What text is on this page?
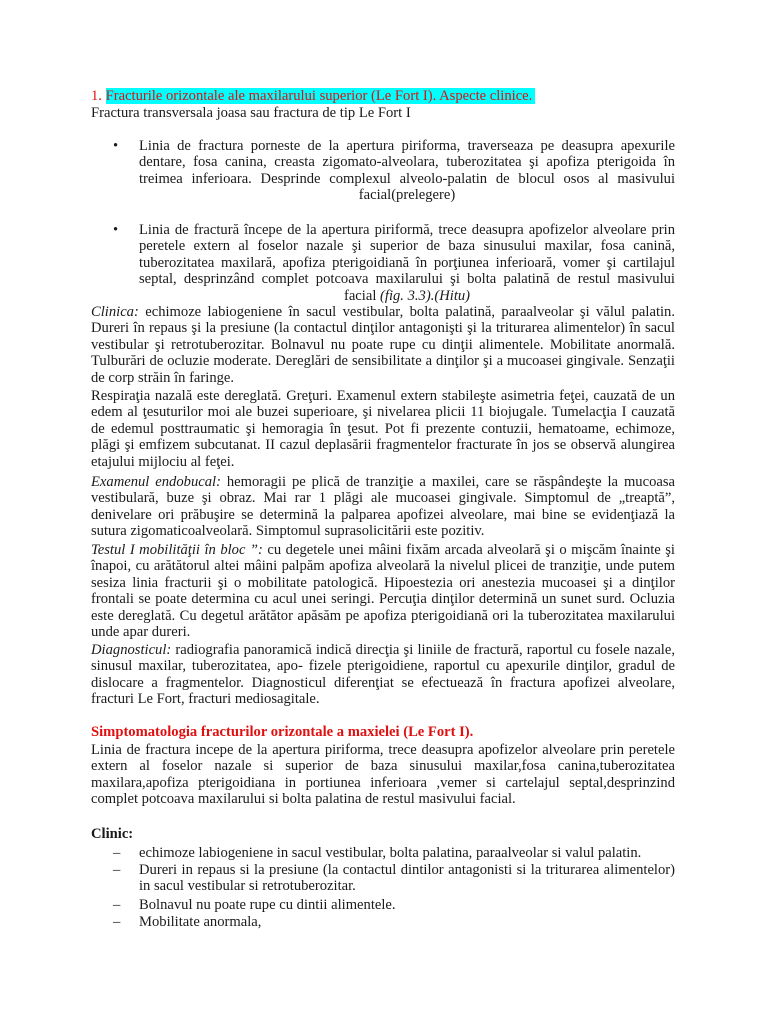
1. Fracturile orizontale ale maxilarului superior (Le Fort I). Aspecte clinice.

Fractura transversala joasa sau fractura de tip Le Fort I

• Linia de fractura porneste de la apertura piriforma, traverseaza pe deasupra apexurile dentare, fosa canina, creasta zigomato-alveolara, tuberozitatea şi apofiza pterigoida în treimea inferioara. Desprinde complexul alveolo-palatin de blocul osos al masivului facial(prelegere)

• Linia de fractură începe de la apertura piriformă, trece deasupra apofizelor alveolare prin peretele extern al foselor nazale şi superior de baza sinusului maxilar, fosa canină, tuberozitatea maxilară, apofiza pterigoidiană în porţiunea inferioară, vomer şi cartilajul septal, desprinzând complet potcoava maxilarului şi bolta palatină de restul masivului facial (fig. 3.3).(Hitu)

Clinica: echimoze labiogeniene în sacul vestibular, bolta palatină, paraalveolar şi vălul palatin. Dureri în repaus şi la presiune (la contactul dinţilor antagonişti şi la triturarea alimentelor) în sacul vestibular şi retrotuberozitar. Bolnavul nu poate rupe cu dinţii alimentele. Mobilitate anormală. Tulburări de ocluzie moderate. Dereglări de sensibilitate a dinţilor şi a mucoasei gingivale. Senzaţii de corp străin în faringe.

Respiraţia nazală este dereglată. Greţuri. Examenul extern stabileşte asimetria feţei, cauzată de un edem al ţesuturilor moi ale buzei superioare, şi nivelarea plicii 11 biojugale. Tumelacţia I cauzată de edemul posttraumatic şi hemoragia în ţesut. Pot fi prezente contuzii, hematoame, echimoze, plăgi şi emfizem subcutanat. II cazul deplasării fragmentelor fracturate în jos se observă alungirea etajului mijlociu al feţei.

Examenul endobucal: hemoragii pe plică de tranziţie a maxilei, care se răspândeşte la mucoasa vestibulară, buze şi obraz. Mai rar 1 plăgi ale mucoasei gingivale. Simptomul de „treaptă”, denivelare ori prăbuşire se determină la palparea apofizei alveolare, mai bine se evidenţiază la sutura zigomaticoalveolară. Simptomul suprasolicitării este pozitiv.

Testul I mobilităţii în bloc ”: cu degetele unei mâini fixăm arcada alveolară şi o mişcăm înainte şi înapoi, cu arătătorul altei mâini palpăm apofiza alveolară la nivelul plicei de tranziţie, unde putem sesiza linia fracturii şi o mobilitate patologică. Hipoestezia ori anestezia mucoasei şi a dinţilor frontali se poate determina cu acul unei seringi. Percuţia dinţilor determină un sunet surd. Ocluzia este dereglată. Cu degetul arătător apăsăm pe apofiza pterigoidiană ori la tuberozitatea maxilarului unde apar dureri.

Diagnosticul: radiografia panoramică indică direcţia şi liniile de fractură, raportul cu fosele nazale, sinusul maxilar, tuberozitatea, apo- fizele pterigoidiene, raportul cu apexurile dinţilor, gradul de dislocare a fragmentelor. Diagnosticul diferenţiat se efectuează în fractura apofizei alveolare, fracturi Le Fort, fracturi mediosagitale.

Simptomatologia fracturilor orizontale a maxielei (Le Fort I).

Linia de fractura incepe de la apertura piriforma, trece deasupra apofizelor alveolare prin peretele extern al foselor nazale si superior de baza sinusului maxilar,fosa canina,tuberozitatea maxilara,apofiza pterigoidiana in portiunea inferioara ,vemer si cartelajul septal,desprinzind complet potcoava maxilarului si bolta palatina de restul masivului facial.

Clinic:

– echimoze labiogeniene in sacul vestibular, bolta palatina, paraalveolar si valul palatin.

– Dureri in repaus si la presiune (la contactul dintilor antagonisti si la triturarea alimentelor) in sacul vestibular si retrotuberozitar.

– Bolnavul nu poate rupe cu dintii alimentele.

– Mobilitate anormala,
